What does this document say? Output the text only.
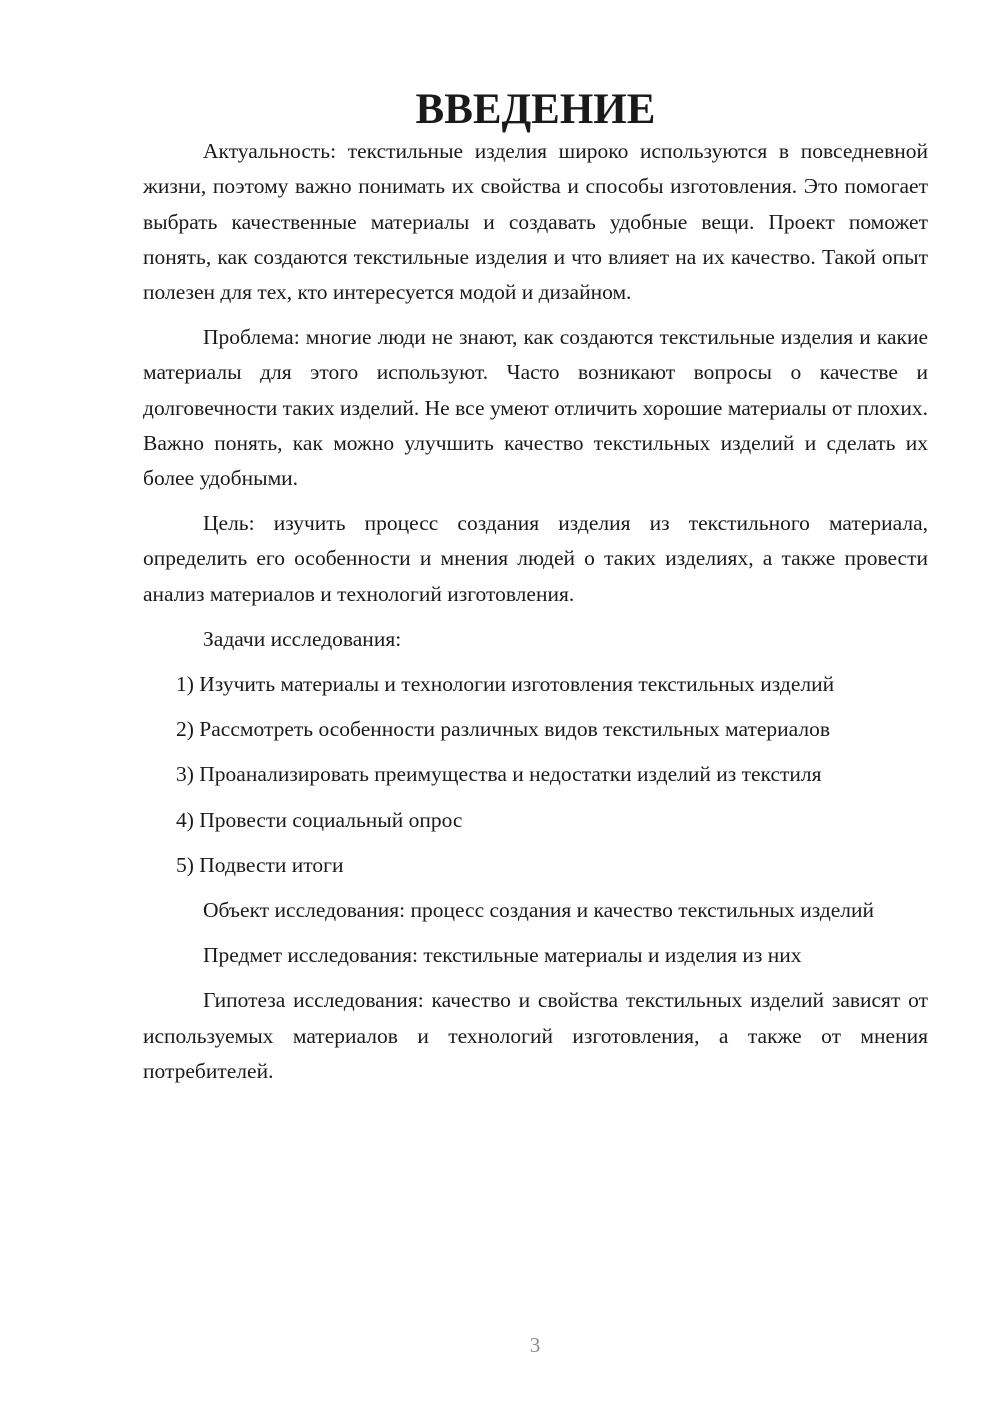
ВВЕДЕНИЕ

Актуальность: текстильные изделия широко используются в повседневной жизни, поэтому важно понимать их свойства и способы изготовления. Это помогает выбрать качественные материалы и создавать удобные вещи. Проект поможет понять, как создаются текстильные изделия и что влияет на их качество. Такой опыт полезен для тех, кто интересуется модой и дизайном.

Проблема: многие люди не знают, как создаются текстильные изделия и какие материалы для этого используют. Часто возникают вопросы о качестве и долговечности таких изделий. Не все умеют отличить хорошие материалы от плохих. Важно понять, как можно улучшить качество текстильных изделий и сделать их более удобными.

Цель: изучить процесс создания изделия из текстильного материала, определить его особенности и мнения людей о таких изделиях, а также провести анализ материалов и технологий изготовления.

Задачи исследования:

1) Изучить материалы и технологии изготовления текстильных изделий

2) Рассмотреть особенности различных видов текстильных материалов

3) Проанализировать преимущества и недостатки изделий из текстиля

4) Провести социальный опрос

5) Подвести итоги

Объект исследования: процесс создания и качество текстильных изделий

Предмет исследования: текстильные материалы и изделия из них

Гипотеза исследования: качество и свойства текстильных изделий зависят от используемых материалов и технологий изготовления, а также от мнения потребителей.

3
